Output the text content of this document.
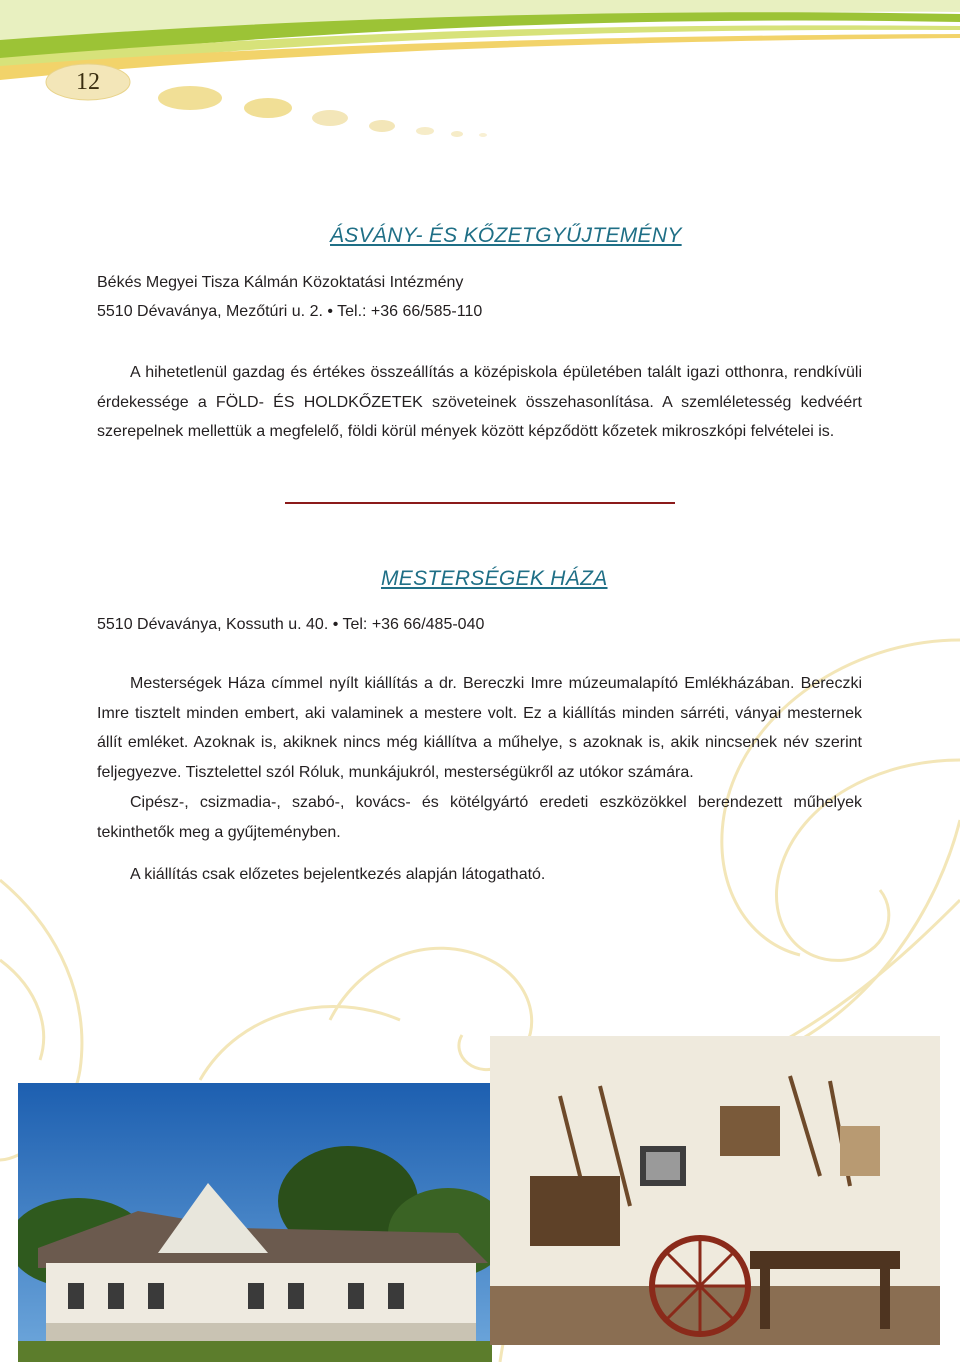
12
ÁSVÁNY- ÉS KŐZETGYŰJTEMÉNY
Békés Megyei Tisza Kálmán Közoktatási Intézmény
5510 Dévaványa, Mezőtúri u. 2. • Tel.: +36 66/585-110
A hihetetlenül gazdag és értékes összeállítás a középiskola épületében talált igazi otthonra, rendkívüli érdekessége a FÖLD- ÉS HOLDKŐZETEK szöveteinek összehasonlítása. A szemléletesség kedvéért szerepelnek mellettük a megfelelő, földi körül mények között képződött kőzetek mikroszkópi felvételei is.
MESTERSÉGEK HÁZA
5510 Dévaványa, Kossuth u. 40. • Tel: +36 66/485-040
Mesterségek Háza címmel nyílt kiállítás a dr. Bereczki Imre múzeumalapító Emlékházában. Bereczki Imre tisztelt minden embert, aki valaminek a mestere volt. Ez a kiállítás minden sárréti, ványai mesternek állít emléket. Azoknak is, akiknek nincs még kiállítva a műhelye, s azoknak is, akik nincsenek név szerint feljegyezve. Tisztelettel szól Róluk, munkájukról, mesterségükről az utókor számára.
Cipész-, csizmadia-, szabó-, kovács- és kötélgyártó eredeti eszközökkel berendezett műhelyek tekinthetők meg a gyűjteményben.
A kiállítás csak előzetes bejelentkezés alapján látogatható.
